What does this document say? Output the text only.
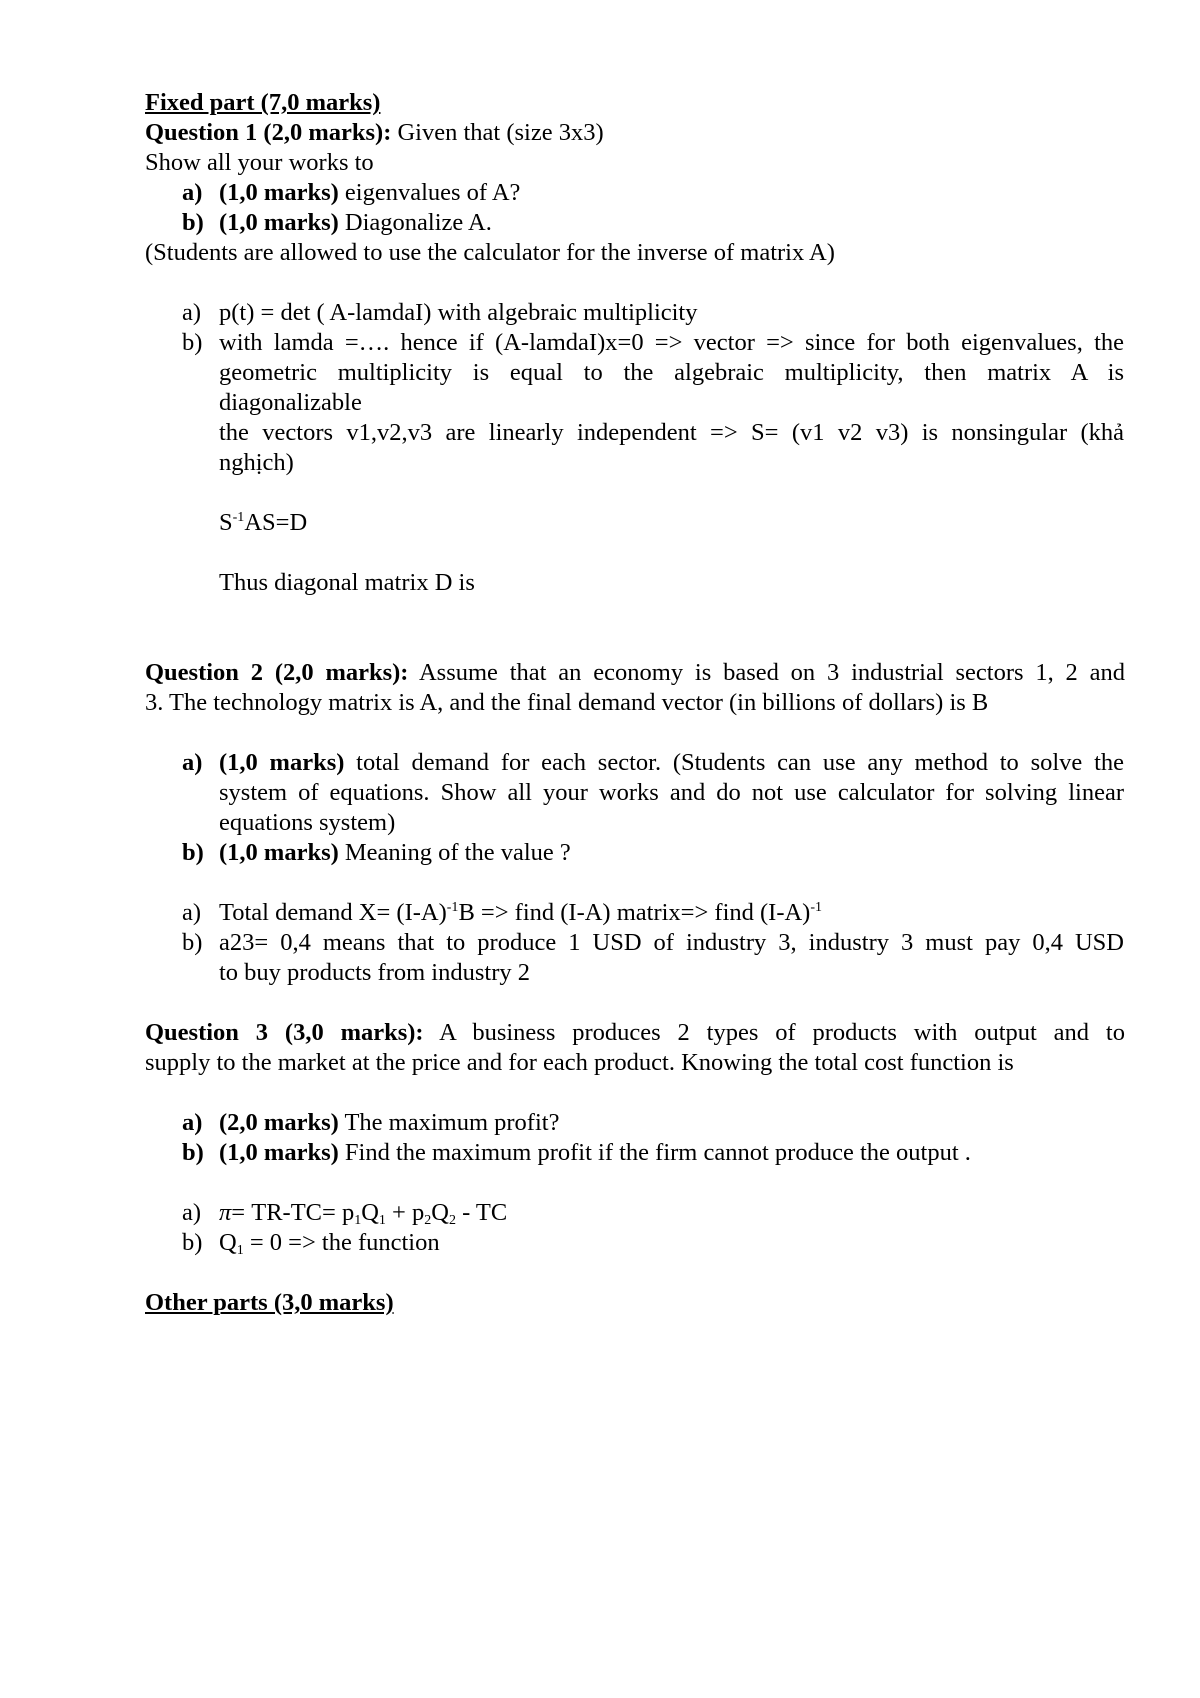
Fixed part (7,0 marks)
Question 1 (2,0 marks): Given that (size 3x3)
Show all your works to
a) (1,0 marks) eigenvalues of A?
b) (1,0 marks) Diagonalize A.
(Students are allowed to use the calculator for the inverse of matrix A)
a) p(t) = det ( A-lamdaI) with algebraic multiplicity
b) with lamda =…. hence if (A-lamdaI)x=0 => vector => since for both eigenvalues, the
geometric multiplicity is equal to the algebraic multiplicity, then matrix A is
diagonalizable
the vectors v1,v2,v3 are linearly independent => S= (v1 v2 v3) is nonsingular (khả
nghịch)
$S^{-1}AS=D$
Thus diagonal matrix D is
Question 2 (2,0 marks): Assume that an economy is based on 3 industrial sectors 1, 2 and
3. The technology matrix is A, and the final demand vector (in billions of dollars) is B
a) (1,0 marks) total demand for each sector. (Students can use any method to solve the
system of equations. Show all your works and do not use calculator for solving linear
equations system)
b) (1,0 marks) Meaning of the value ?
a) Total demand $X= (I-A)^{-1}B$ => find (I-A) matrix=> find $(I-A)^{-1}$
b) a23= 0,4 means that to produce 1 USD of industry 3, industry 3 must pay 0,4 USD
to buy products from industry 2
Question 3 (3,0 marks): A business produces 2 types of products with output and to
supply to the market at the price and for each product. Knowing the total cost function is
a) (2,0 marks) The maximum profit?
b) (1,0 marks) Find the maximum profit if the firm cannot produce the output .
a) $\pi= TR-TC= p_1Q_1 + p_2Q_2$ - TC
b) $Q_1 = 0$ => the function
Other parts (3,0 marks)
